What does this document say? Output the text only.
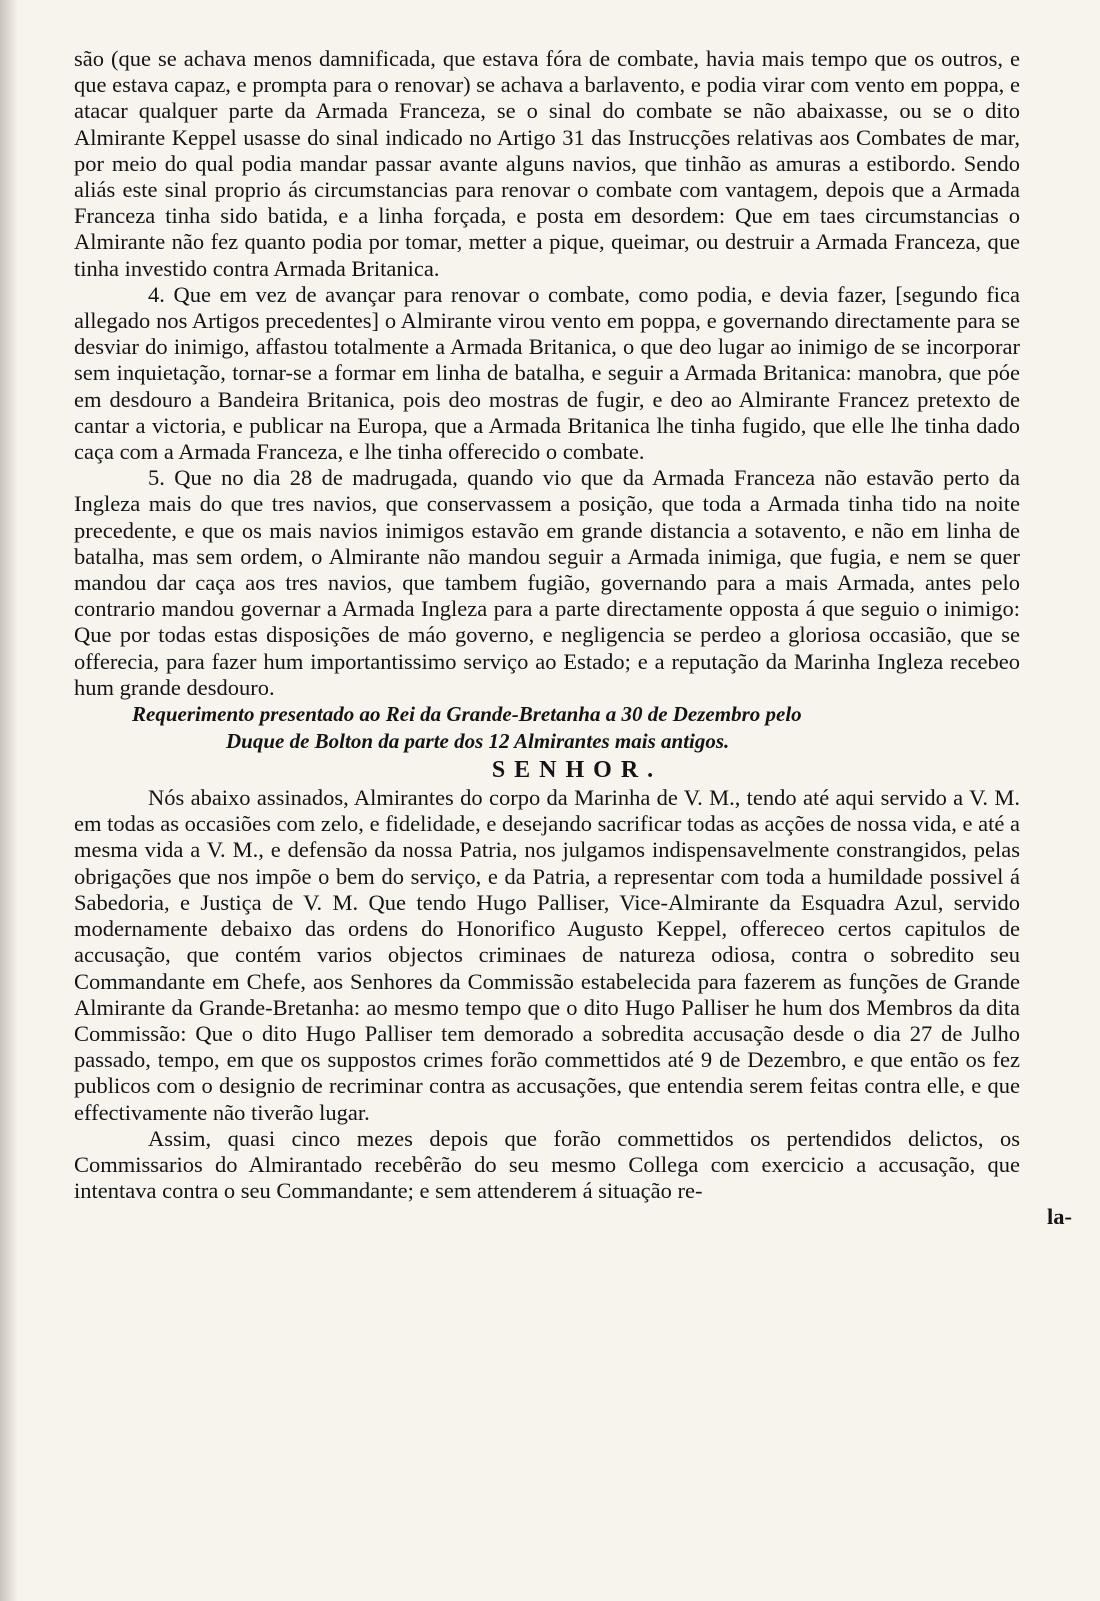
são (que se achava menos damnificada, que estava fóra de combate, havia mais tempo que os outros, e que estava capaz, e prompta para o renovar) se achava a barlavento, e podia virar com vento em poppa, e atacar qualquer parte da Armada Franceza, se o sinal do combate se não abaixasse, ou se o dito Almirante Keppel usasse do sinal indicado no Artigo 31 das Instrucções relativas aos Combates de mar, por meio do qual podia mandar passar avante alguns navios, que tinhão as amuras a estibordo. Sendo aliás este sinal proprio ás circumstancias para renovar o combate com vantagem, depois que a Armada Franceza tinha sido batida, e a linha forçada, e posta em desordem: Que em taes circumstancias o Almirante não fez quanto podia por tomar, metter a pique, queimar, ou destruir a Armada Franceza, que tinha investido contra Armada Britanica.

4. Que em vez de avançar para renovar o combate, como podia, e devia fazer, [segundo fica allegado nos Artigos precedentes] o Almirante virou vento em poppa, e governando directamente para se desviar do inimigo, affastou totalmente a Armada Britanica, o que deo lugar ao inimigo de se incorporar sem inquietação, tornar-se a formar em linha de batalha, e seguir a Armada Britanica: manobra, que póe em desdouro a Bandeira Britanica, pois deo mostras de fugir, e deo ao Almirante Francez pretexto de cantar a victoria, e publicar na Europa, que a Armada Britanica lhe tinha fugido, que elle lhe tinha dado caça com a Armada Franceza, e lhe tinha offerecido o combate.

5. Que no dia 28 de madrugada, quando vio que da Armada Franceza não estavão perto da Ingleza mais do que tres navios, que conservassem a posição, que toda a Armada tinha tido na noite precedente, e que os mais navios inimigos estavão em grande distancia a sotavento, e não em linha de batalha, mas sem ordem, o Almirante não mandou seguir a Armada inimiga, que fugia, e nem se quer mandou dar caça aos tres navios, que tambem fugião, governando para a mais Armada, antes pelo contrario mandou governar a Armada Ingleza para a parte directamente opposta á que seguio o inimigo: Que por todas estas disposições de máo governo, e negligencia se perdeo a gloriosa occasião, que se offerecia, para fazer hum importantissimo serviço ao Estado; e a reputação da Marinha Ingleza recebeo hum grande desdouro.

Requerimento presentado ao Rei da Grande-Bretanha a 30 de Dezembro pelo

Duque de Bolton da parte dos 12 Almirantes mais antigos.

SENHOR.

Nós abaixo assinados, Almirantes do corpo da Marinha de V. M., tendo até aqui servido a V. M. em todas as occasiões com zelo, e fidelidade, e desejando sacrificar todas as acções de nossa vida, e até a mesma vida a V. M., e defensão da nossa Patria, nos julgamos indispensavelmente constrangidos, pelas obrigações que nos impõe o bem do serviço, e da Patria, a representar com toda a humildade possivel á Sabedoria, e Justiça de V. M. Que tendo Hugo Palliser, Vice-Almirante da Esquadra Azul, servido modernamente debaixo das ordens do Honorifico Augusto Keppel, offereceo certos capitulos de accusação, que contém varios objectos criminaes de natureza odiosa, contra o sobredito seu Commandante em Chefe, aos Senhores da Commissão estabelecida para fazerem as funções de Grande Almirante da Grande-Bretanha: ao mesmo tempo que o dito Hugo Palliser he hum dos Membros da dita Commissão: Que o dito Hugo Palliser tem demorado a sobredita accusação desde o dia 27 de Julho passado, tempo, em que os suppostos crimes forão commettidos até 9 de Dezembro, e que então os fez publicos com o designio de recriminar contra as accusações, que entendia serem feitas contra elle, e que effectivamente não tiverão lugar.

Assim, quasi cinco mezes depois que forão commettidos os pertendidos delictos, os Commissarios do Almirantado recebêrão do seu mesmo Collega com exercicio a accusação, que intentava contra o seu Commandante; e sem attenderem á situação re-

la-
